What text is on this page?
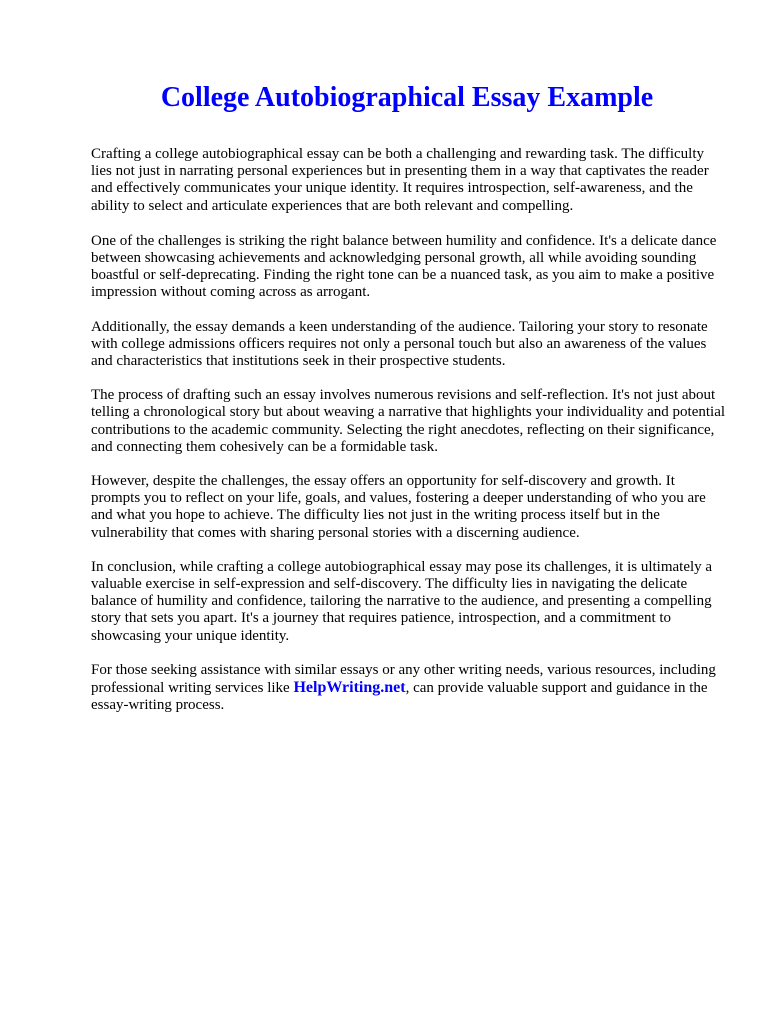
College Autobiographical Essay Example

Crafting a college autobiographical essay can be both a challenging and rewarding task. The difficulty lies not just in narrating personal experiences but in presenting them in a way that captivates the reader and effectively communicates your unique identity. It requires introspection, self-awareness, and the ability to select and articulate experiences that are both relevant and compelling.

One of the challenges is striking the right balance between humility and confidence. It's a delicate dance between showcasing achievements and acknowledging personal growth, all while avoiding sounding boastful or self-deprecating. Finding the right tone can be a nuanced task, as you aim to make a positive impression without coming across as arrogant.

Additionally, the essay demands a keen understanding of the audience. Tailoring your story to resonate with college admissions officers requires not only a personal touch but also an awareness of the values and characteristics that institutions seek in their prospective students.

The process of drafting such an essay involves numerous revisions and self-reflection. It's not just about telling a chronological story but about weaving a narrative that highlights your individuality and potential contributions to the academic community. Selecting the right anecdotes, reflecting on their significance, and connecting them cohesively can be a formidable task.

However, despite the challenges, the essay offers an opportunity for self-discovery and growth. It prompts you to reflect on your life, goals, and values, fostering a deeper understanding of who you are and what you hope to achieve. The difficulty lies not just in the writing process itself but in the vulnerability that comes with sharing personal stories with a discerning audience.

In conclusion, while crafting a college autobiographical essay may pose its challenges, it is ultimately a valuable exercise in self-expression and self-discovery. The difficulty lies in navigating the delicate balance of humility and confidence, tailoring the narrative to the audience, and presenting a compelling story that sets you apart. It's a journey that requires patience, introspection, and a commitment to showcasing your unique identity.

For those seeking assistance with similar essays or any other writing needs, various resources, including professional writing services like HelpWriting.net, can provide valuable support and guidance in the essay-writing process.
